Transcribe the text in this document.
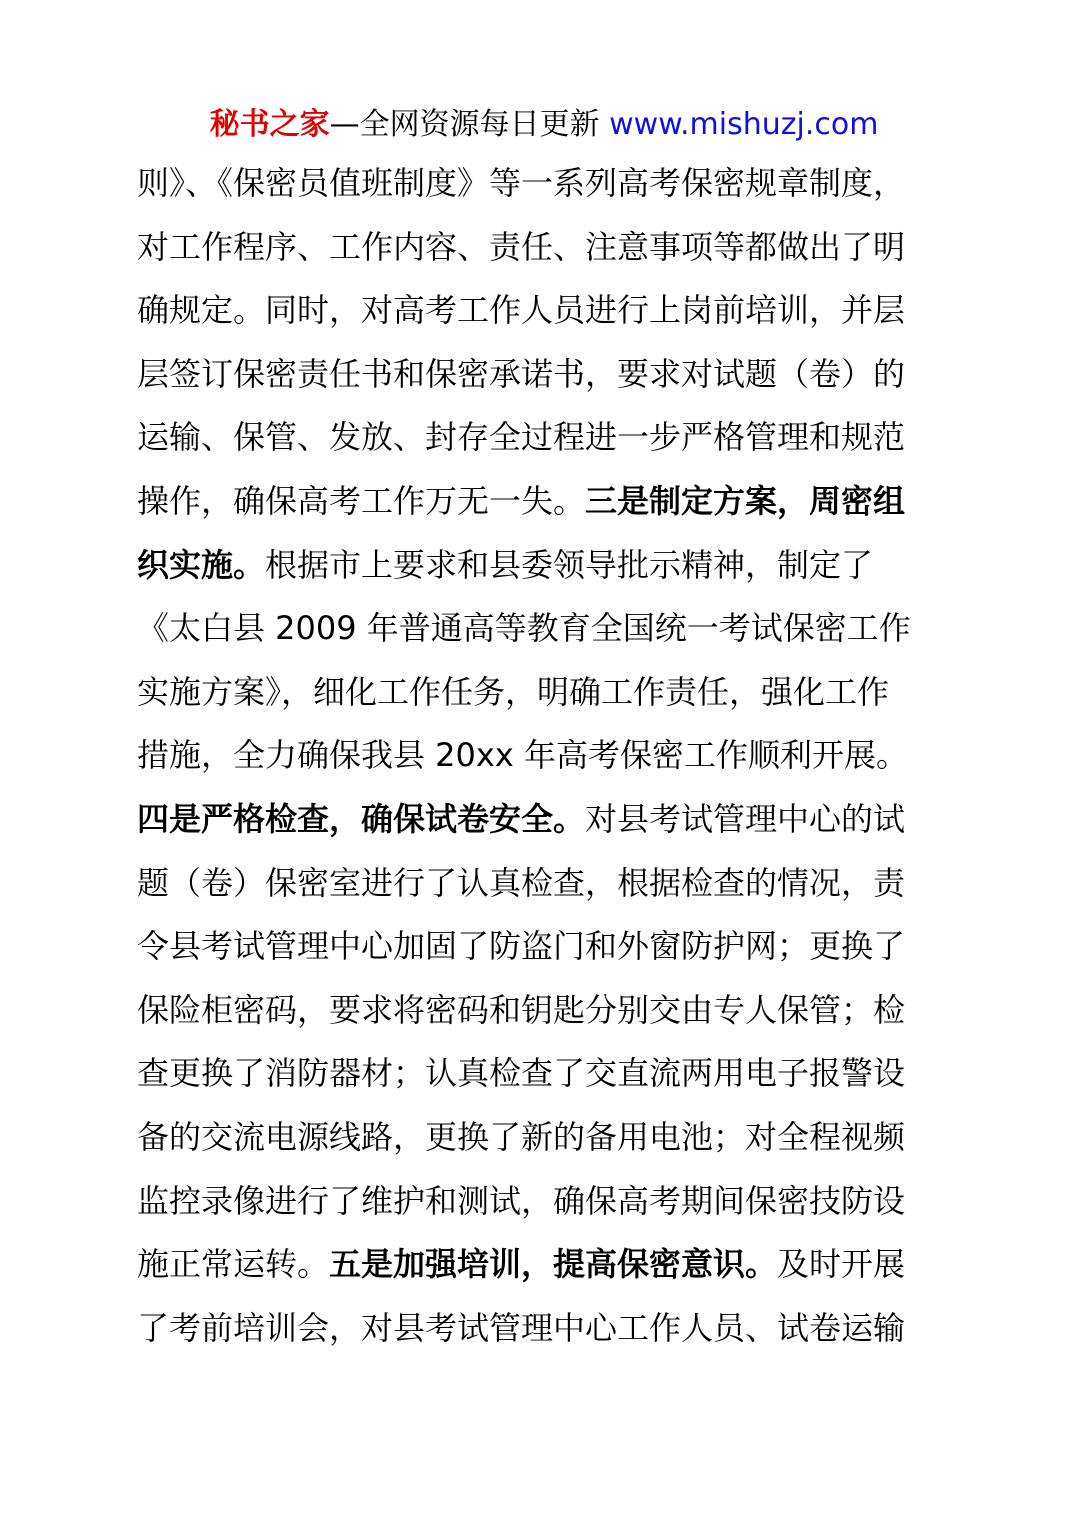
秘书之家—全网资源每日更新 www.mishuzj.com
则》、《保密员值班制度》等一系列高考保密规章制度，
对工作程序、工作内容、责任、注意事项等都做出了明
确规定。同时，对高考工作人员进行上岗前培训，并层
层签订保密责任书和保密承诺书，要求对试题（卷）的
运输、保管、发放、封存全过程进一步严格管理和规范
操作，确保高考工作万无一失。三是制定方案，周密组
织实施。根据市上要求和县委领导批示精神，制定了
《太白县 2009 年普通高等教育全国统一考试保密工作
实施方案》，细化工作任务，明确工作责任，强化工作
措施，全力确保我县 20xx 年高考保密工作顺利开展。
四是严格检查，确保试卷安全。对县考试管理中心的试
题（卷）保密室进行了认真检查，根据检查的情况，责
令县考试管理中心加固了防盗门和外窗防护网；更换了
保险柜密码，要求将密码和钥匙分别交由专人保管；检
查更换了消防器材；认真检查了交直流两用电子报警设
备的交流电源线路，更换了新的备用电池；对全程视频
监控录像进行了维护和测试，确保高考期间保密技防设
施正常运转。五是加强培训，提高保密意识。及时开展
了考前培训会，对县考试管理中心工作人员、试卷运输
